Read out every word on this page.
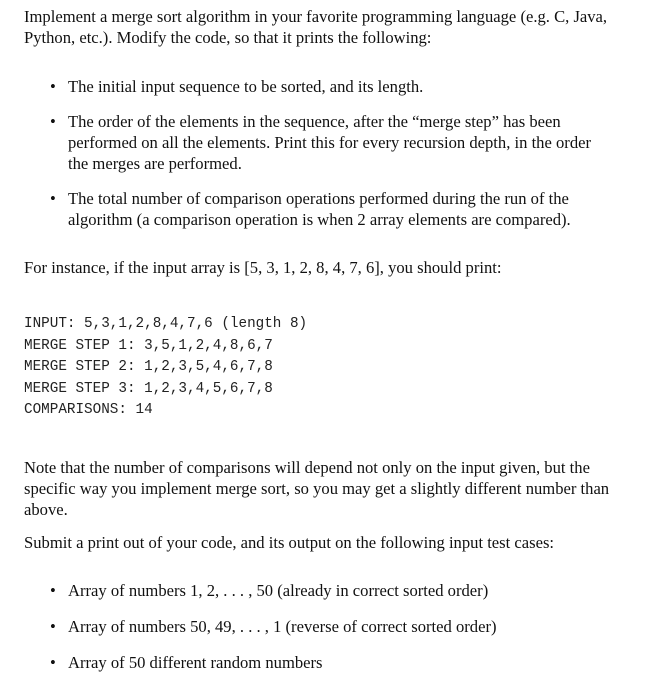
Implement a merge sort algorithm in your favorite programming language (e.g. C, Java, Python, etc.). Modify the code, so that it prints the following:

• The initial input sequence to be sorted, and its length.
• The order of the elements in the sequence, after the “merge step” has been performed on all the elements. Print this for every recursion depth, in the order the merges are performed.
• The total number of comparison operations performed during the run of the algorithm (a comparison operation is when 2 array elements are compared).

For instance, if the input array is [5, 3, 1, 2, 8, 4, 7, 6], you should print:

INPUT: 5,3,1,2,8,4,7,6 (length 8)
MERGE STEP 1: 3,5,1,2,4,8,6,7
MERGE STEP 2: 1,2,3,5,4,6,7,8
MERGE STEP 3: 1,2,3,4,5,6,7,8
COMPARISONS: 14

Note that the number of comparisons will depend not only on the input given, but the specific way you implement merge sort, so you may get a slightly different number than above.

Submit a print out of your code, and its output on the following input test cases:

• Array of numbers 1, 2, . . . , 50 (already in correct sorted order)
• Array of numbers 50, 49, . . . , 1 (reverse of correct sorted order)
• Array of 50 different random numbers
